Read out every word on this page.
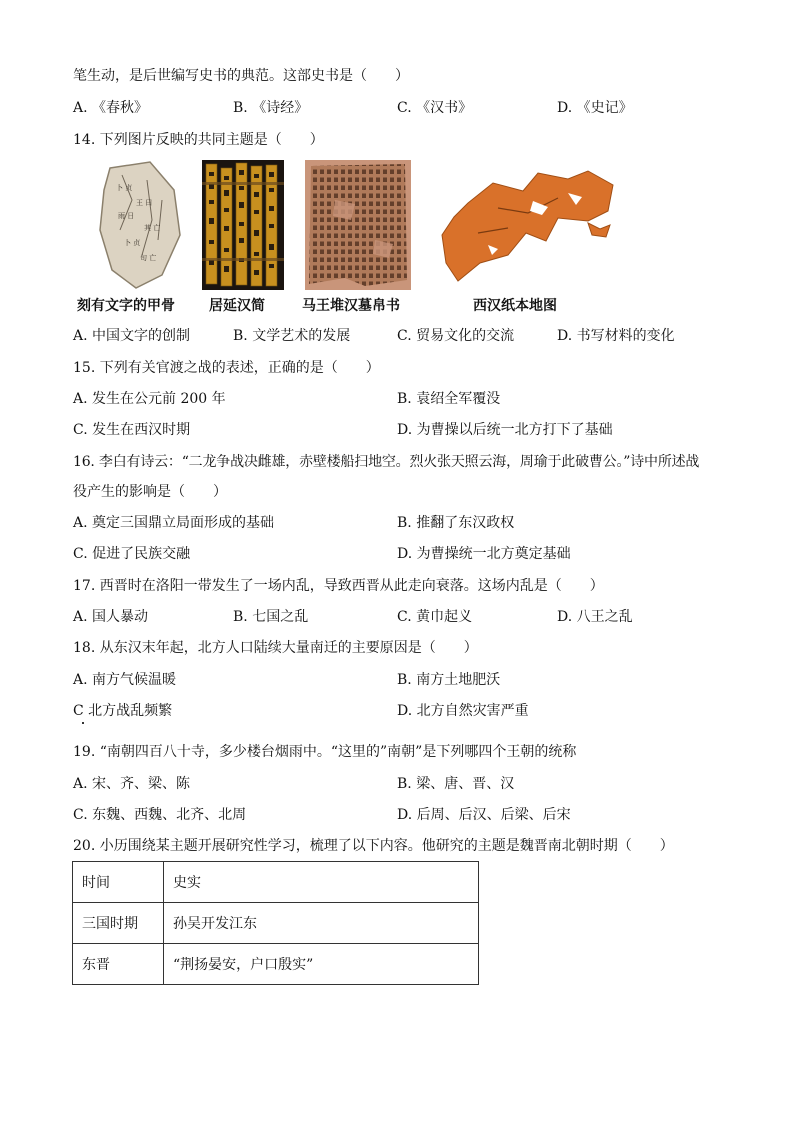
笔生动，是后世编写史书的典范。这部史书是（　　）
A. 《春秋》	B. 《诗经》	C. 《汉书》	D. 《史记》
14. 下列图片反映的共同主题是（　　）
卜 贞
王 曰
雨 日
其 亡
卜 贞
旬 亡
刻有文字的甲骨 居延汉简	马王堆汉墓帛书	西汉纸本地图
A. 中国文字的创制	B. 文学艺术的发展	C. 贸易文化的交流	D. 书写材料的变化
15. 下列有关官渡之战的表述，正确的是（　　）
A. 发生在公元前 200 年	B. 袁绍全军覆没
C. 发生在西汉时期	D. 为曹操以后统一北方打下了基础
16. 李白有诗云：“二龙争战决雌雄，赤壁楼船扫地空。烈火张天照云海，周瑜于此破曹公。”诗中所述战
役产生的影响是（　　）
A. 奠定三国鼎立局面形成的基础	B. 推翻了东汉政权
C. 促进了民族交融	D. 为曹操统一北方奠定基础
17. 西晋时在洛阳一带发生了一场内乱，导致西晋从此走向衰落。这场内乱是（　　）
A. 国人暴动	B. 七国之乱	C. 黄巾起义	D. 八王之乱
18. 从东汉末年起，北方人口陆续大量南迁的主要原因是（　　）
A. 南方气候温暖	B. 南方土地肥沃
C 北方战乱频繁	D. 北方自然灾害严重
19. “南朝四百八十寺，多少楼台烟雨中。“这里的”南朝”是下列哪四个王朝的统称
A. 宋、齐、梁、陈	B. 梁、唐、晋、汉
C. 东魏、西魏、北齐、北周	D. 后周、后汉、后梁、后宋
20. 小历围绕某主题开展研究性学习，梳理了以下内容。他研究的主题是魏晋南北朝时期（　　）
时间	史实
三国时期	孙吴开发江东
东晋	“荆扬晏安，户口殷实”
